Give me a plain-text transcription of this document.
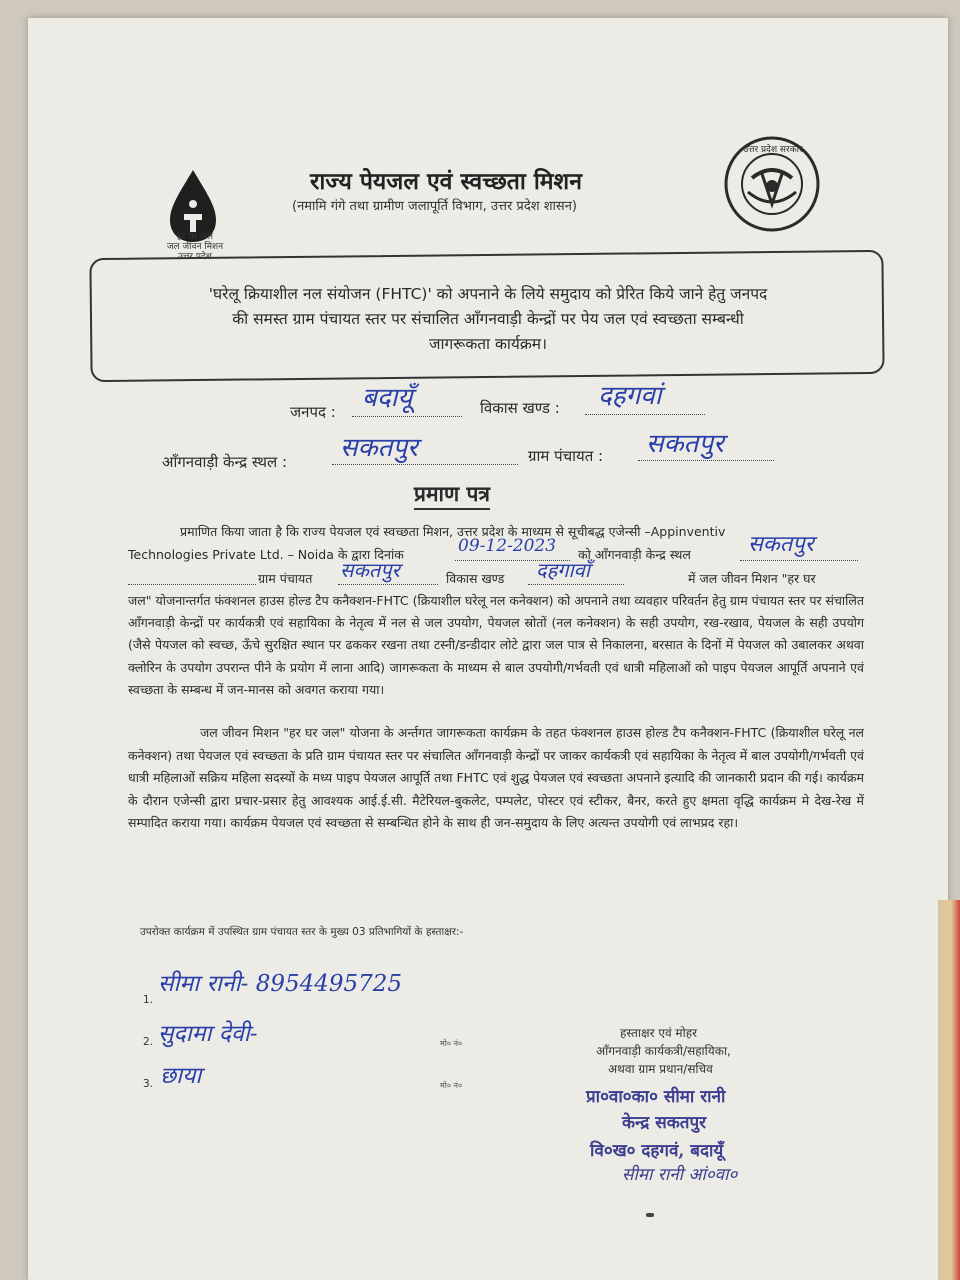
हर घर जल
जल जीवन मिशन
उत्तर प्रदेश
राज्य पेयजल एवं स्वच्छता मिशन
(नमामि गंगे तथा ग्रामीण जलापूर्ति विभाग, उत्तर प्रदेश शासन)
उत्तर प्रदेश सरकार
'घरेलू क्रियाशील नल संयोजन (FHTC)' को अपनाने के लिये समुदाय को प्रेरित किये जाने हेतु जनपद
की समस्त ग्राम पंचायत स्तर पर संचालित आँगनवाड़ी केन्द्रों पर पेय जल एवं स्वच्छता सम्बन्धी
जागरूकता कार्यक्रम।
जनपद : बदायूँ	विकास खण्ड : दहगवां
आँगनवाड़ी केन्द्र स्थल : सकतपुर	ग्राम पंचायत : सकतपुर
प्रमाण पत्र
प्रमाणित किया जाता है कि राज्य पेयजल एवं स्वच्छता मिशन, उत्तर प्रदेश के माध्यम से सूचीबद्ध एजेन्सी –Appinventiv
Technologies Private Ltd. – Noida के द्वारा दिनांक	09-12-2023 को आँगनवाड़ी केन्द्र स्थल	सकतपुर
ग्राम पंचायत सकतपुर	विकास खण्ड दहगावाँ	में जल जीवन मिशन "हर घर
जल" योजनान्तर्गत फंक्शनल हाउस होल्ड टैप कनैक्शन-FHTC (क्रियाशील घरेलू नल कनेक्शन) को अपनाने तथा व्यवहार परिवर्तन हेतु ग्राम पंचायत स्तर पर संचालित आँगनवाड़ी केन्द्रों पर कार्यकत्री एवं सहायिका के नेतृत्व में नल से जल उपयोग, पेयजल स्रोतों (नल कनेक्शन) के सही उपयोग, रख-रखाव, पेयजल के सही उपयोग (जैसे पेयजल को स्वच्छ, ऊँचे सुरक्षित स्थान पर ढककर रखना तथा टस्नी/डन्डीदार लोटे द्वारा जल पात्र से निकालना, बरसात के दिनों में पेयजल को उबालकर अथवा क्लोरिन के उपयोग उपरान्त पीने के प्रयोग में लाना आदि) जागरूकता के माध्यम से बाल उपयोगी/गर्भवती एवं धात्री महिलाओं को पाइप पेयजल आपूर्ति अपनाने एवं स्वच्छता के सम्बन्ध में जन-मानस को अवगत कराया गया।
जल जीवन मिशन "हर घर जल" योजना के अर्न्तगत जागरूकता कार्यक्रम के तहत फंक्शनल हाउस होल्ड टैप कनैक्शन-FHTC (क्रियाशील घरेलू नल कनेक्शन) तथा पेयजल एवं स्वच्छता के प्रति ग्राम पंचायत स्तर पर संचालित आँगनवाड़ी केन्द्रों पर जाकर कार्यकत्री एवं सहायिका के नेतृत्व में बाल उपयोगी/गर्भवती एवं धात्री महिलाओं सक्रिय महिला सदस्यों के मध्य पाइप पेयजल आपूर्ति तथा FHTC एवं शुद्ध पेयजल एवं स्वच्छता अपनाने इत्यादि की जानकारी प्रदान की गई। कार्यक्रम के दौरान एजेन्सी द्वारा प्रचार-प्रसार हेतु आवश्यक आई.ई.सी. मैटेरियल-बुकलेट, पम्पलेट, पोस्टर एवं स्टीकर, बैनर, करते हुए क्षमता वृद्धि कार्यक्रम मे देख-रेख में सम्पादित कराया गया। कार्यक्रम पेयजल एवं स्वच्छता से सम्बन्धित होने के साथ ही जन-समुदाय के लिए अत्यन्त उपयोगी एवं लाभप्रद रहा।
उपरोक्त कार्यक्रम में उपस्थित ग्राम पंचायत स्तर के मुख्य 03 प्रतिभागियों के हस्ताक्षर:-
1.
सीमा रानी- 8954495725
2. सुदामा देवी-	मो० नं०
3. छाया	मो० नं०
हस्ताक्षर एवं मोहर
आँगनवाड़ी कार्यकत्री/सहायिका,
अथवा ग्राम प्रधान/सचिव
प्रा०वा०का० सीमा रानी
केन्द्र सकतपुर
वि०ख० दहगवं, बदायूँ
सीमा रानी आं०वा०
